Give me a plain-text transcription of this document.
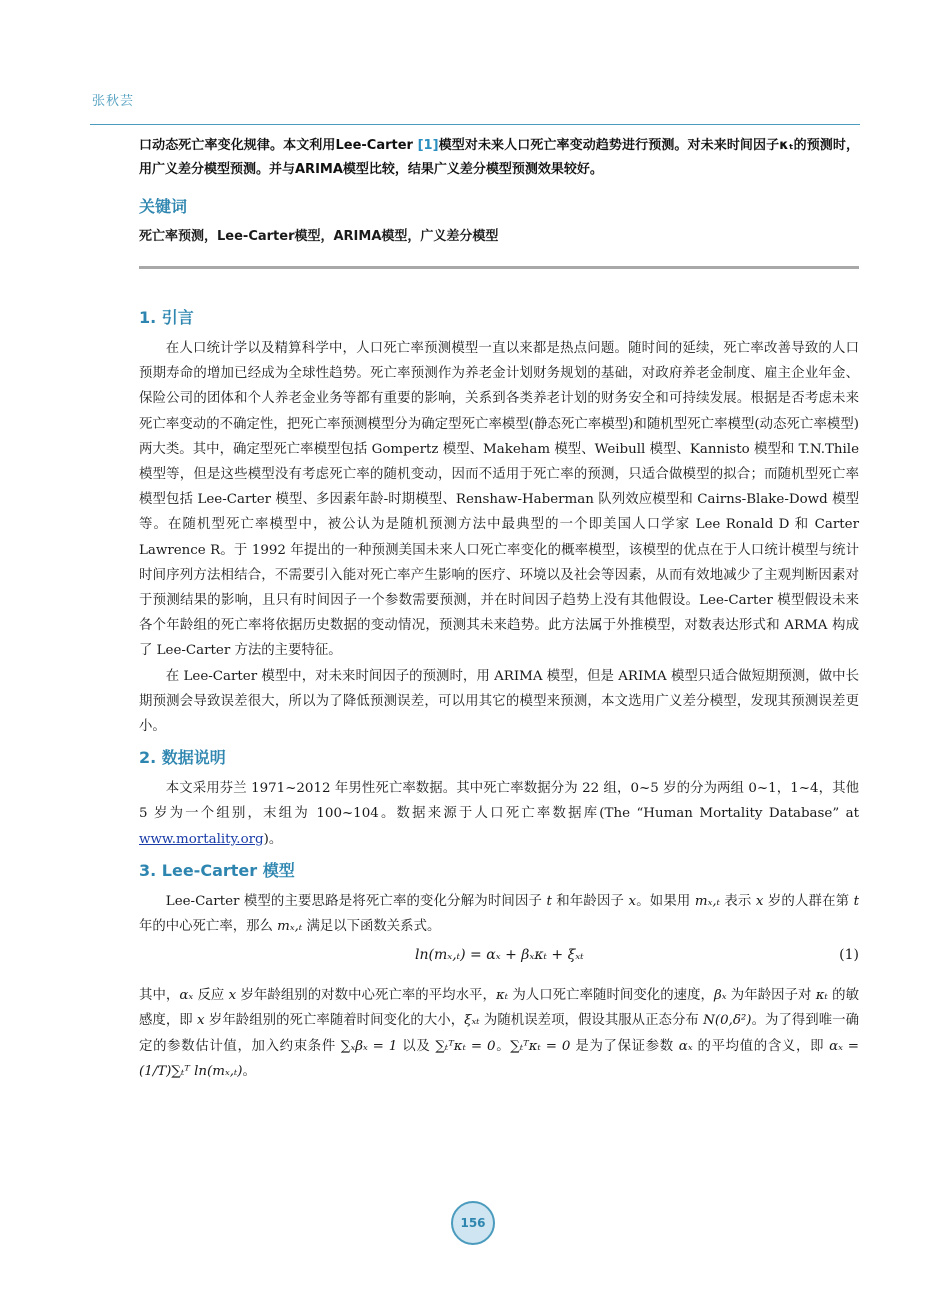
张秋芸

口动态死亡率变化规律。本文利用Lee-Carter [1]模型对未来人口死亡率变动趋势进行预测。对未来时间因子κₜ的预测时，用广义差分模型预测。并与ARIMA模型比较，结果广义差分模型预测效果较好。

关键词

死亡率预测，Lee-Carter模型，ARIMA模型，广义差分模型

1. 引言

在人口统计学以及精算科学中，人口死亡率预测模型一直以来都是热点问题。随时间的延续，死亡率改善导致的人口预期寿命的增加已经成为全球性趋势。死亡率预测作为养老金计划财务规划的基础，对政府养老金制度、雇主企业年金、保险公司的团体和个人养老金业务等都有重要的影响，关系到各类养老计划的财务安全和可持续发展。根据是否考虑未来死亡率变动的不确定性，把死亡率预测模型分为确定型死亡率模型(静态死亡率模型)和随机型死亡率模型(动态死亡率模型)两大类。其中，确定型死亡率模型包括 Gompertz 模型、Makeham 模型、Weibull 模型、Kannisto 模型和 T.N.Thile 模型等，但是这些模型没有考虑死亡率的随机变动，因而不适用于死亡率的预测，只适合做模型的拟合；而随机型死亡率模型包括 Lee-Carter 模型、多因素年龄-时期模型、Renshaw-Haberman 队列效应模型和 Cairns-Blake-Dowd 模型等。在随机型死亡率模型中，被公认为是随机预测方法中最典型的一个即美国人口学家 Lee Ronald D 和 Carter Lawrence R。于 1992 年提出的一种预测美国未来人口死亡率变化的概率模型，该模型的优点在于人口统计模型与统计时间序列方法相结合，不需要引入能对死亡率产生影响的医疗、环境以及社会等因素，从而有效地减少了主观判断因素对于预测结果的影响，且只有时间因子一个参数需要预测，并在时间因子趋势上没有其他假设。Lee-Carter 模型假设未来各个年龄组的死亡率将依据历史数据的变动情况，预测其未来趋势。此方法属于外推模型，对数表达形式和 ARMA 构成了 Lee-Carter 方法的主要特征。

在 Lee-Carter 模型中，对未来时间因子的预测时，用 ARIMA 模型，但是 ARIMA 模型只适合做短期预测，做中长期预测会导致误差很大，所以为了降低预测误差，可以用其它的模型来预测，本文选用广义差分模型，发现其预测误差更小。

2. 数据说明

本文采用芬兰 1971~2012 年男性死亡率数据。其中死亡率数据分为 22 组，0~5 岁的分为两组 0~1，1~4，其他 5 岁为一个组别，末组为 100~104。数据来源于人口死亡率数据库(The “Human Mortality Database” at www.mortality.org)。

3. Lee-Carter 模型

Lee-Carter 模型的主要思路是将死亡率的变化分解为时间因子 t 和年龄因子 x。如果用 mₓ,ₜ 表示 x 岁的人群在第 t 年的中心死亡率，那么 mₓ,ₜ 满足以下函数关系式。

ln(mₓ,ₜ) = αₓ + βₓκₜ + ξₓₜ	(1)

其中，αₓ 反应 x 岁年龄组别的对数中心死亡率的平均水平，κₜ 为人口死亡率随时间变化的速度，βₓ 为年龄因子对 κₜ 的敏感度，即 x 岁年龄组别的死亡率随着时间变化的大小，ξₓₜ 为随机误差项，假设其服从正态分布 N(0,δ²)。为了得到唯一确定的参数估计值，加入约束条件 ∑ₓβₓ = 1 以及 ∑ₜᵀκₜ = 0。∑ₜᵀκₜ = 0 是为了保证参数 αₓ 的平均值的含义，即 αₓ = (1/T)∑ₜᵀ ln(mₓ,ₜ)。

156
